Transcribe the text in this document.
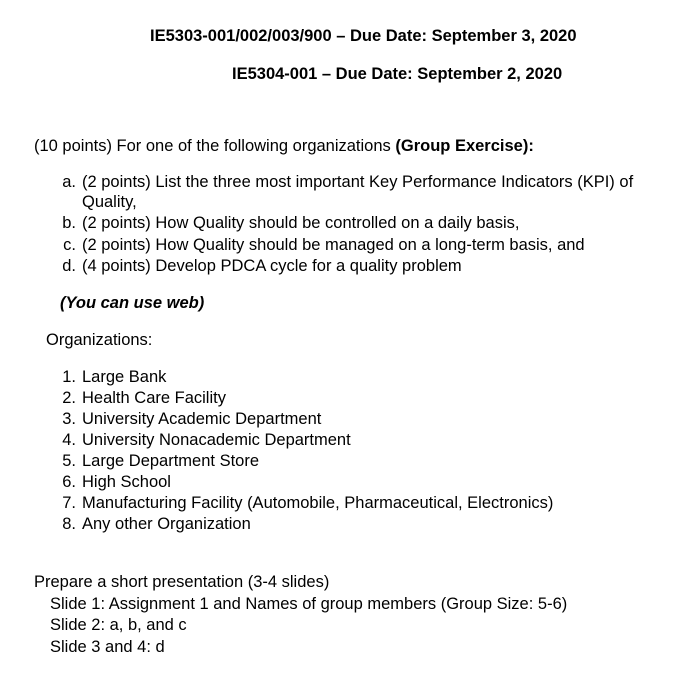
IE5303-001/002/003/900 – Due Date: September 3, 2020
IE5304-001 – Due Date: September 2, 2020
(10 points) For one of the following organizations (Group Exercise):
a. (2 points) List the three most important Key Performance Indicators (KPI) of
Quality,
b. (2 points) How Quality should be controlled on a daily basis,
c. (2 points) How Quality should be managed on a long-term basis, and
d. (4 points) Develop PDCA cycle for a quality problem
(You can use web)
Organizations:
1. Large Bank
2. Health Care Facility
3. University Academic Department
4. University Nonacademic Department
5. Large Department Store
6. High School
7. Manufacturing Facility (Automobile, Pharmaceutical, Electronics)
8. Any other Organization
Prepare a short presentation (3-4 slides)
Slide 1: Assignment 1 and Names of group members (Group Size: 5-6)
Slide 2: a, b, and c
Slide 3 and 4: d
